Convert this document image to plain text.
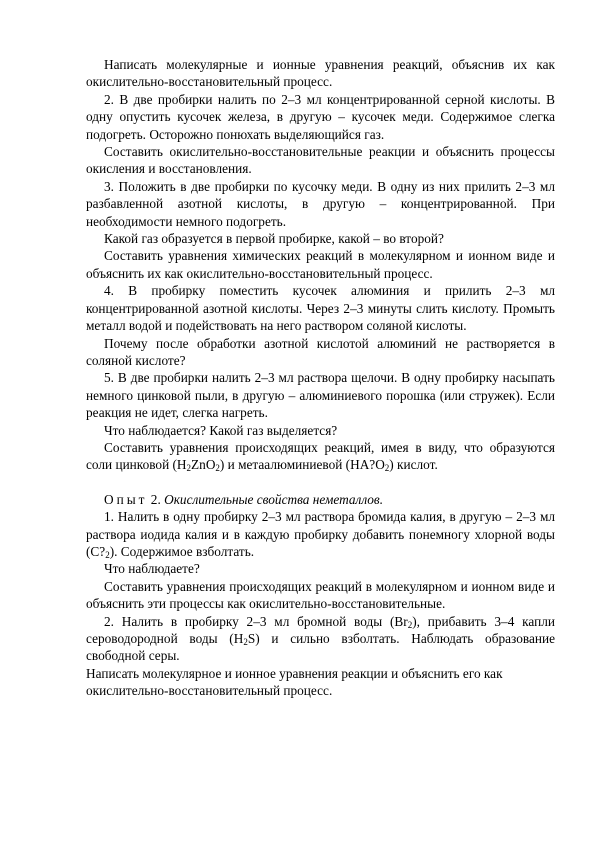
Написать молекулярные и ионные уравнения реакций, объяснив их как окислительно-восстановительный процесс.

2. В две пробирки налить по 2–3 мл концентрированной серной кислоты. В одну опустить кусочек железа, в другую – кусочек меди. Содержимое слегка подогреть. Осторожно понюхать выделяющийся газ.

Составить окислительно-восстановительные реакции и объяснить процессы окисления и восстановления.

3. Положить в две пробирки по кусочку меди. В одну из них прилить 2–3 мл разбавленной азотной кислоты, в другую – концентрированной. При необходимости немного подогреть.

Какой газ образуется в первой пробирке, какой – во второй?

Составить уравнения химических реакций в молекулярном и ионном виде и объяснить их как окислительно-восстановительный процесс.

4. В пробирку поместить кусочек алюминия и прилить 2–3 мл концентрированной азотной кислоты. Через 2–3 минуты слить кислоту. Промыть металл водой и подействовать на него раствором соляной кислоты.

Почему после обработки азотной кислотой алюминий не растворяется в соляной кислоте?

5. В две пробирки налить 2–3 мл раствора щелочи. В одну пробирку насыпать немного цинковой пыли, в другую – алюминиевого порошка (или стружек). Если реакция не идет, слегка нагреть.

Что наблюдается? Какой газ выделяется?

Составить уравнения происходящих реакций, имея в виду, что образуются соли цинковой $(H_2ZnO_2)$ и метаалюминиевой $(HA?O_2)$ кислот.

Опыт 2. Окислительные свойства неметаллов.

1. Налить в одну пробирку 2–3 мл раствора бромида калия, в другую – 2–3 мл раствора иодида калия и в каждую пробирку добавить понемногу хлорной воды $(C?_2)$. Содержимое взболтать.

Что наблюдаете?

Составить уравнения происходящих реакций в молекулярном и ионном виде и объяснить эти процессы как окислительно-восстановительные.

2. Налить в пробирку 2–3 мл бромной воды $(Br_2)$, прибавить 3–4 капли сероводородной воды $(H_2S)$ и сильно взболтать. Наблюдать образование свободной серы.

Написать молекулярное и ионное уравнения реакции и объяснить его как окислительно-восстановительный процесс.
